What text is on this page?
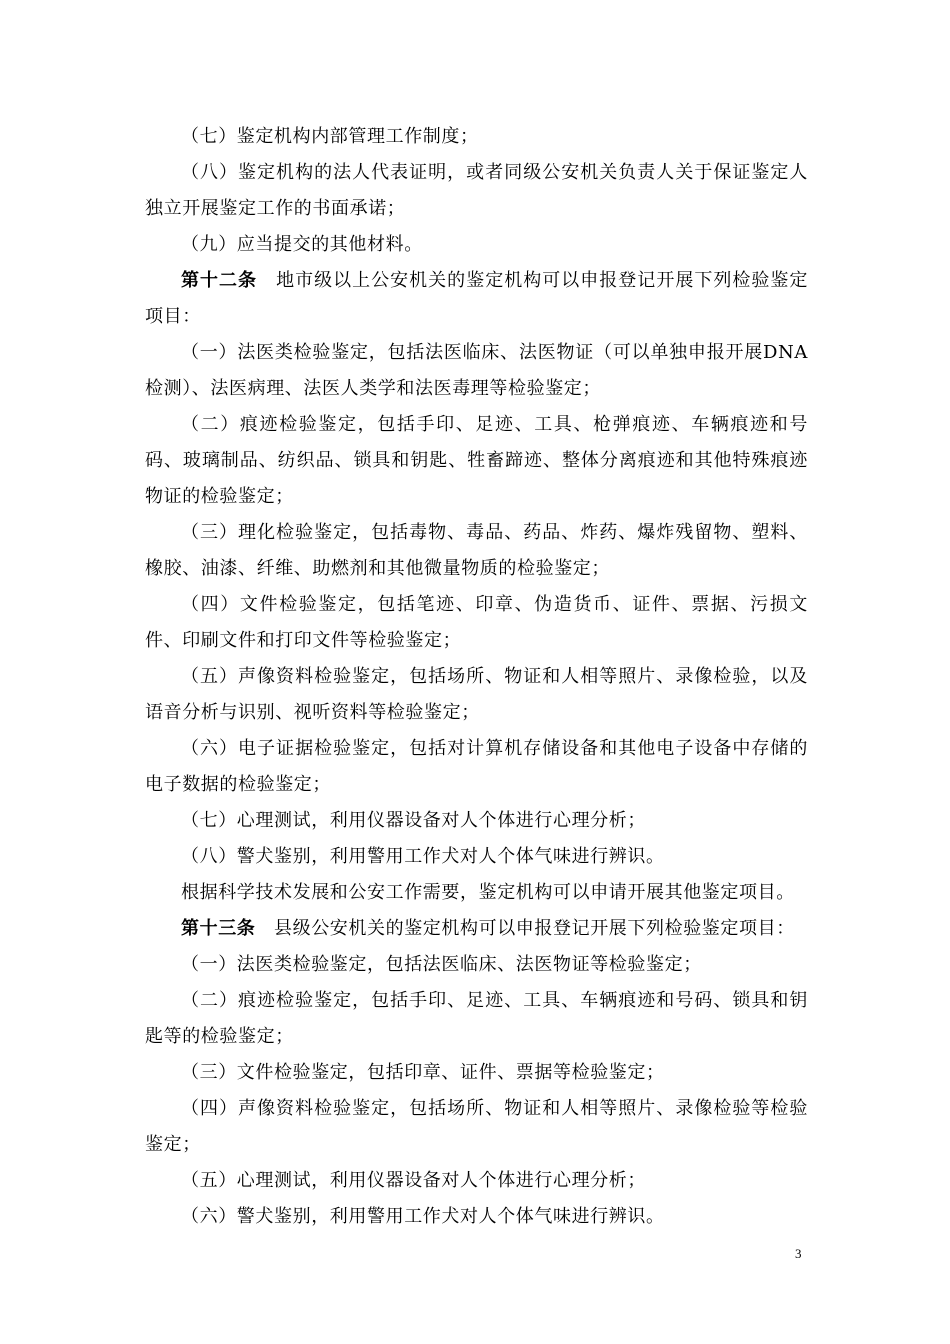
（七）鉴定机构内部管理工作制度；

（八）鉴定机构的法人代表证明，或者同级公安机关负责人关于保证鉴定人独立开展鉴定工作的书面承诺；

（九）应当提交的其他材料。

第十二条　地市级以上公安机关的鉴定机构可以申报登记开展下列检验鉴定项目：

（一）法医类检验鉴定，包括法医临床、法医物证（可以单独申报开展DNA检测）、法医病理、法医人类学和法医毒理等检验鉴定；

（二）痕迹检验鉴定，包括手印、足迹、工具、枪弹痕迹、车辆痕迹和号码、玻璃制品、纺织品、锁具和钥匙、牲畜蹄迹、整体分离痕迹和其他特殊痕迹物证的检验鉴定；

（三）理化检验鉴定，包括毒物、毒品、药品、炸药、爆炸残留物、塑料、橡胶、油漆、纤维、助燃剂和其他微量物质的检验鉴定；

（四）文件检验鉴定，包括笔迹、印章、伪造货币、证件、票据、污损文件、印刷文件和打印文件等检验鉴定；

（五）声像资料检验鉴定，包括场所、物证和人相等照片、录像检验，以及语音分析与识别、视听资料等检验鉴定；

（六）电子证据检验鉴定，包括对计算机存储设备和其他电子设备中存储的电子数据的检验鉴定；

（七）心理测试，利用仪器设备对人个体进行心理分析；

（八）警犬鉴别，利用警用工作犬对人个体气味进行辨识。

根据科学技术发展和公安工作需要，鉴定机构可以申请开展其他鉴定项目。

第十三条　县级公安机关的鉴定机构可以申报登记开展下列检验鉴定项目：

（一）法医类检验鉴定，包括法医临床、法医物证等检验鉴定；

（二）痕迹检验鉴定，包括手印、足迹、工具、车辆痕迹和号码、锁具和钥匙等的检验鉴定；

（三）文件检验鉴定，包括印章、证件、票据等检验鉴定；

（四）声像资料检验鉴定，包括场所、物证和人相等照片、录像检验等检验鉴定；

（五）心理测试，利用仪器设备对人个体进行心理分析；

（六）警犬鉴别，利用警用工作犬对人个体气味进行辨识。

3
